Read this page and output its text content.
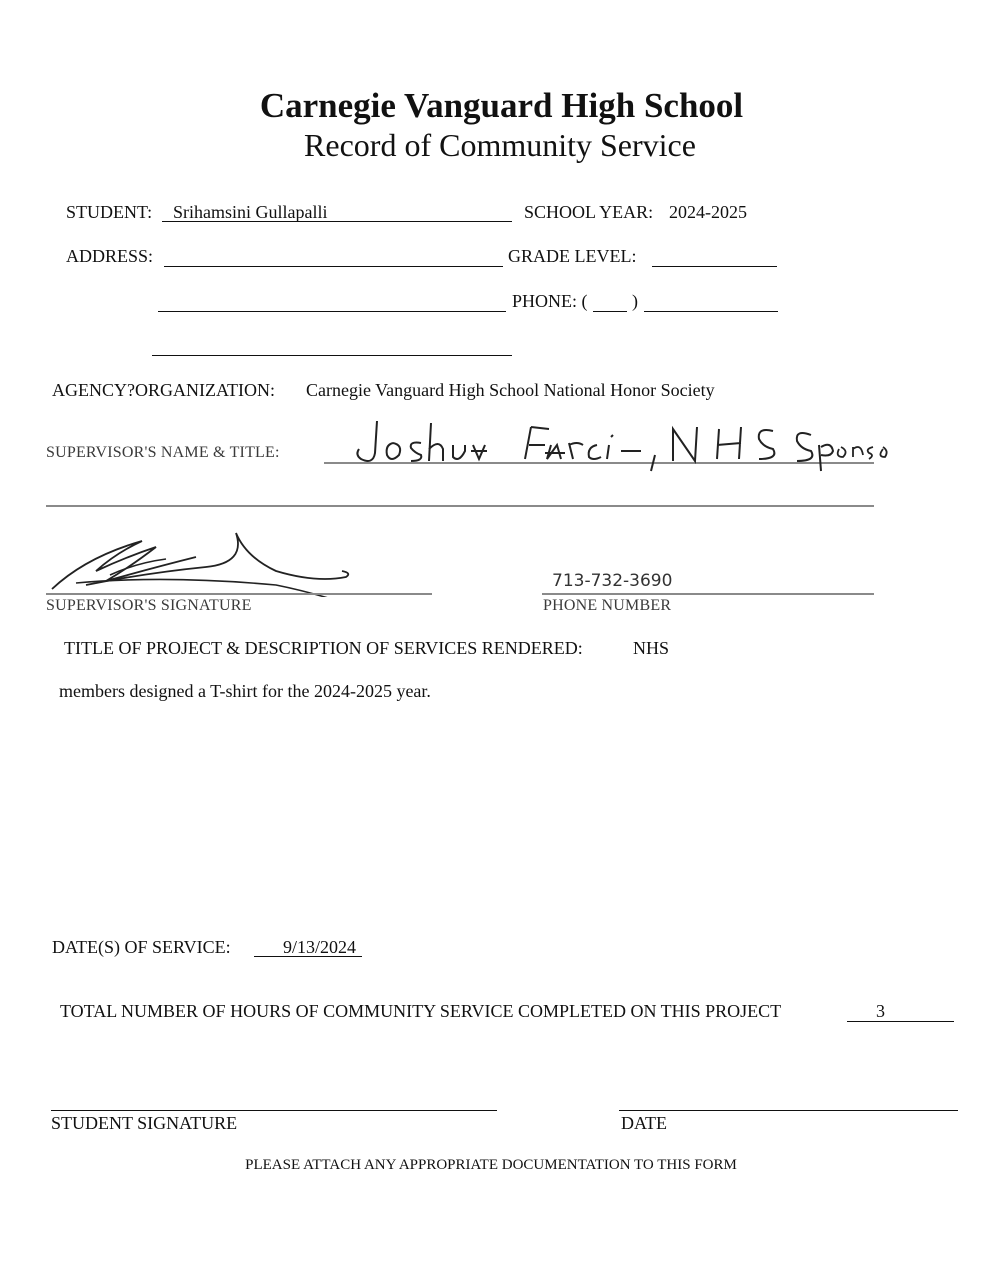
Carnegie Vanguard High School
Record of Community Service
STUDENT: Srihamsini Gullapalli	SCHOOL YEAR: 2024-2025
ADDRESS:	GRADE LEVEL:
PHONE: ( )
AGENCY?ORGANIZATION: Carnegie Vanguard High School National Honor Society
SUPERVISOR'S NAME & TITLE:
SUPERVISOR'S SIGNATURE
713-732-3690
PHONE NUMBER
TITLE OF PROJECT & DESCRIPTION OF SERVICES RENDERED:	NHS
members designed a T-shirt for the 2024-2025 year.
DATE(S) OF SERVICE:	9/13/2024
TOTAL NUMBER OF HOURS OF COMMUNITY SERVICE COMPLETED ON THIS PROJECT	3
STUDENT SIGNATURE	DATE
PLEASE ATTACH ANY APPROPRIATE DOCUMENTATION TO THIS FORM
